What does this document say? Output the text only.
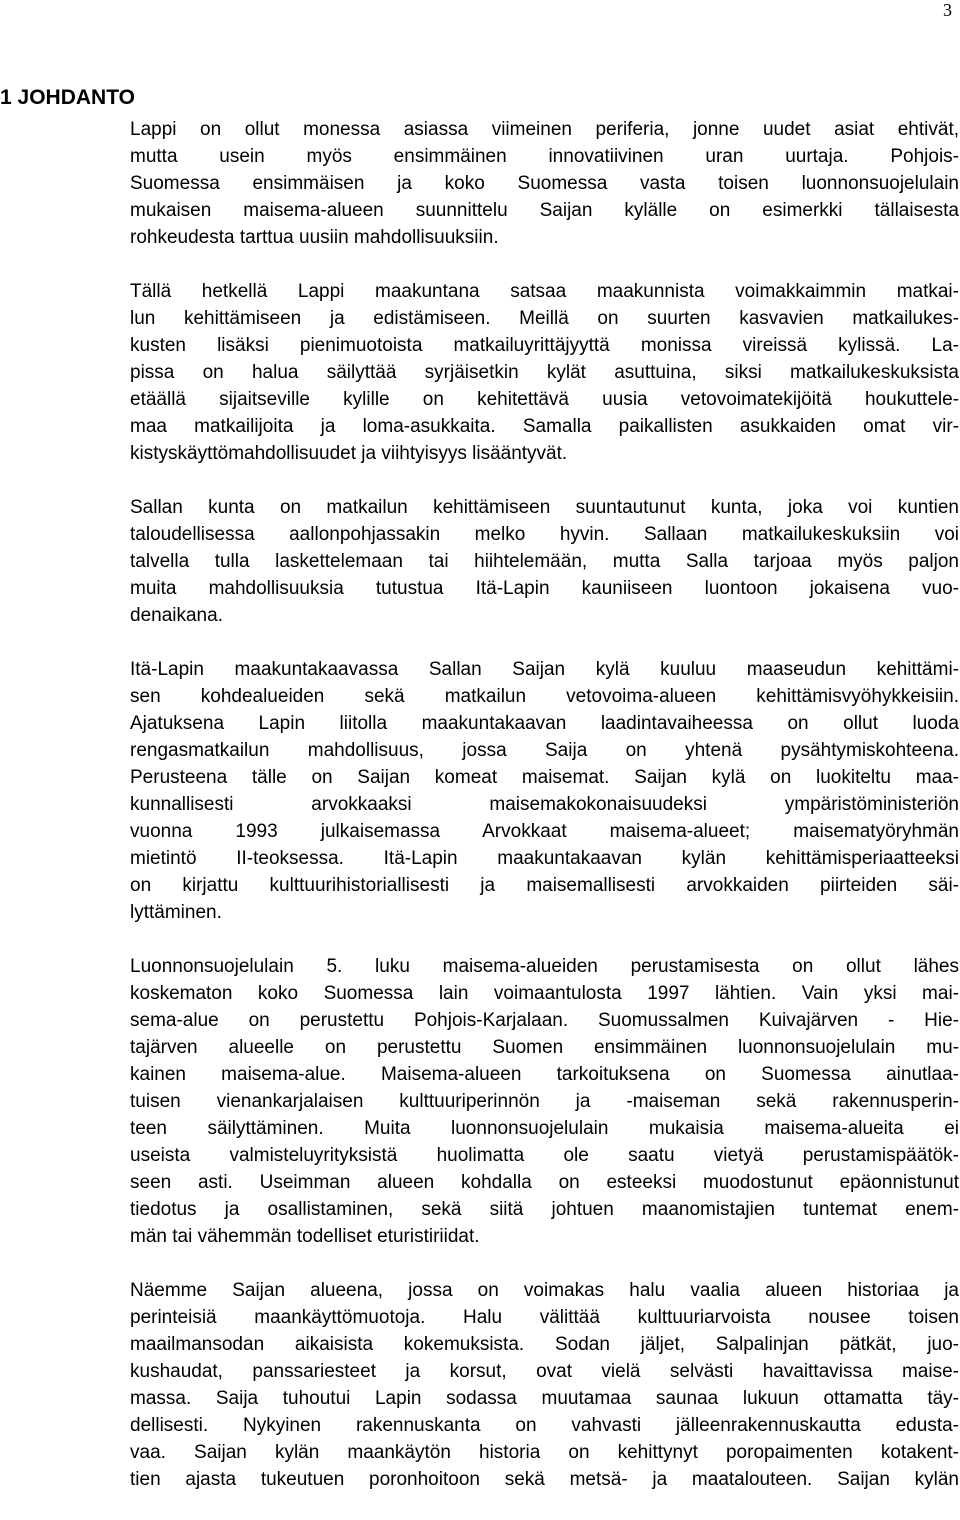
3
1 JOHDANTO
Lappi on ollut monessa asiassa viimeinen periferia, jonne uudet asiat ehtivät,
mutta usein myös ensimmäinen innovatiivinen uran uurtaja. Pohjois-
Suomessa ensimmäisen ja koko Suomessa vasta toisen luonnonsuojelulain
mukaisen maisema-alueen suunnittelu Saijan kylälle on esimerkki tällaisesta
rohkeudesta tarttua uusiin mahdollisuuksiin.
Tällä hetkellä Lappi maakuntana satsaa maakunnista voimakkaimmin matkai-
lun kehittämiseen ja edistämiseen. Meillä on suurten kasvavien matkailukes-
kusten lisäksi pienimuotoista matkailuyrittäjyyttä monissa vireissä kylissä. La-
pissa on halua säilyttää syrjäisetkin kylät asuttuina, siksi matkailukeskuksista
etäällä sijaitseville kylille on kehitettävä uusia vetovoimatekijöitä houkuttele-
maa matkailijoita ja loma-asukkaita. Samalla paikallisten asukkaiden omat vir-
kistyskäyttömahdollisuudet ja viihtyisyys lisääntyvät.
Sallan kunta on matkailun kehittämiseen suuntautunut kunta, joka voi kuntien
taloudellisessa aallonpohjassakin melko hyvin. Sallaan matkailukeskuksiin voi
talvella tulla laskettelemaan tai hiihtelemään, mutta Salla tarjoaa myös paljon
muita mahdollisuuksia tutustua Itä-Lapin kauniiseen luontoon jokaisena vuo-
denaikana.
Itä-Lapin maakuntakaavassa Sallan Saijan kylä kuuluu maaseudun kehittämi-
sen kohdealueiden sekä matkailun vetovoima-alueen kehittämisvyöhykkeisiin.
Ajatuksena Lapin liitolla maakuntakaavan laadintavaiheessa on ollut luoda
rengasmatkailun mahdollisuus, jossa Saija on yhtenä pysähtymiskohteena.
Perusteena tälle on Saijan komeat maisemat. Saijan kylä on luokiteltu maa-
kunnallisesti arvokkaaksi maisemakokonaisuudeksi ympäristöministeriön
vuonna 1993 julkaisemassa Arvokkaat maisema-alueet; maisematyöryhmän
mietintö II-teoksessa. Itä-Lapin maakuntakaavan kylän kehittämisperiaatteeksi
on kirjattu kulttuurihistoriallisesti ja maisemallisesti arvokkaiden piirteiden säi-
lyttäminen.
Luonnonsuojelulain 5. luku maisema-alueiden perustamisesta on ollut lähes
koskematon koko Suomessa lain voimaantulosta 1997 lähtien. Vain yksi mai-
sema-alue on perustettu Pohjois-Karjalaan. Suomussalmen Kuivajärven - Hie-
tajärven alueelle on perustettu Suomen ensimmäinen luonnonsuojelulain mu-
kainen maisema-alue. Maisema-alueen tarkoituksena on Suomessa ainutlaa-
tuisen vienankarjalaisen kulttuuriperinnön ja -maiseman sekä rakennusperin-
teen säilyttäminen. Muita luonnonsuojelulain mukaisia maisema-alueita ei
useista valmisteluyrityksistä huolimatta ole saatu vietyä perustamispäätök-
seen asti. Useimman alueen kohdalla on esteeksi muodostunut epäonnistunut
tiedotus ja osallistaminen, sekä siitä johtuen maanomistajien tuntemat enem-
män tai vähemmän todelliset eturistiriidat.
Näemme Saijan alueena, jossa on voimakas halu vaalia alueen historiaa ja
perinteisiä maankäyttömuotoja. Halu välittää kulttuuriarvoista nousee toisen
maailmansodan aikaisista kokemuksista. Sodan jäljet, Salpalinjan pätkät, juo-
kushaudat, panssariesteet ja korsut, ovat vielä selvästi havaittavissa maise-
massa. Saija tuhoutui Lapin sodassa muutamaa saunaa lukuun ottamatta täy-
dellisesti. Nykyinen rakennuskanta on vahvasti jälleenrakennuskautta edusta-
vaa. Saijan kylän maankäytön historia on kehittynyt poropaimenten kotakent-
tien ajasta tukeutuen poronhoitoon sekä metsä- ja maatalouteen. Saijan kylän
